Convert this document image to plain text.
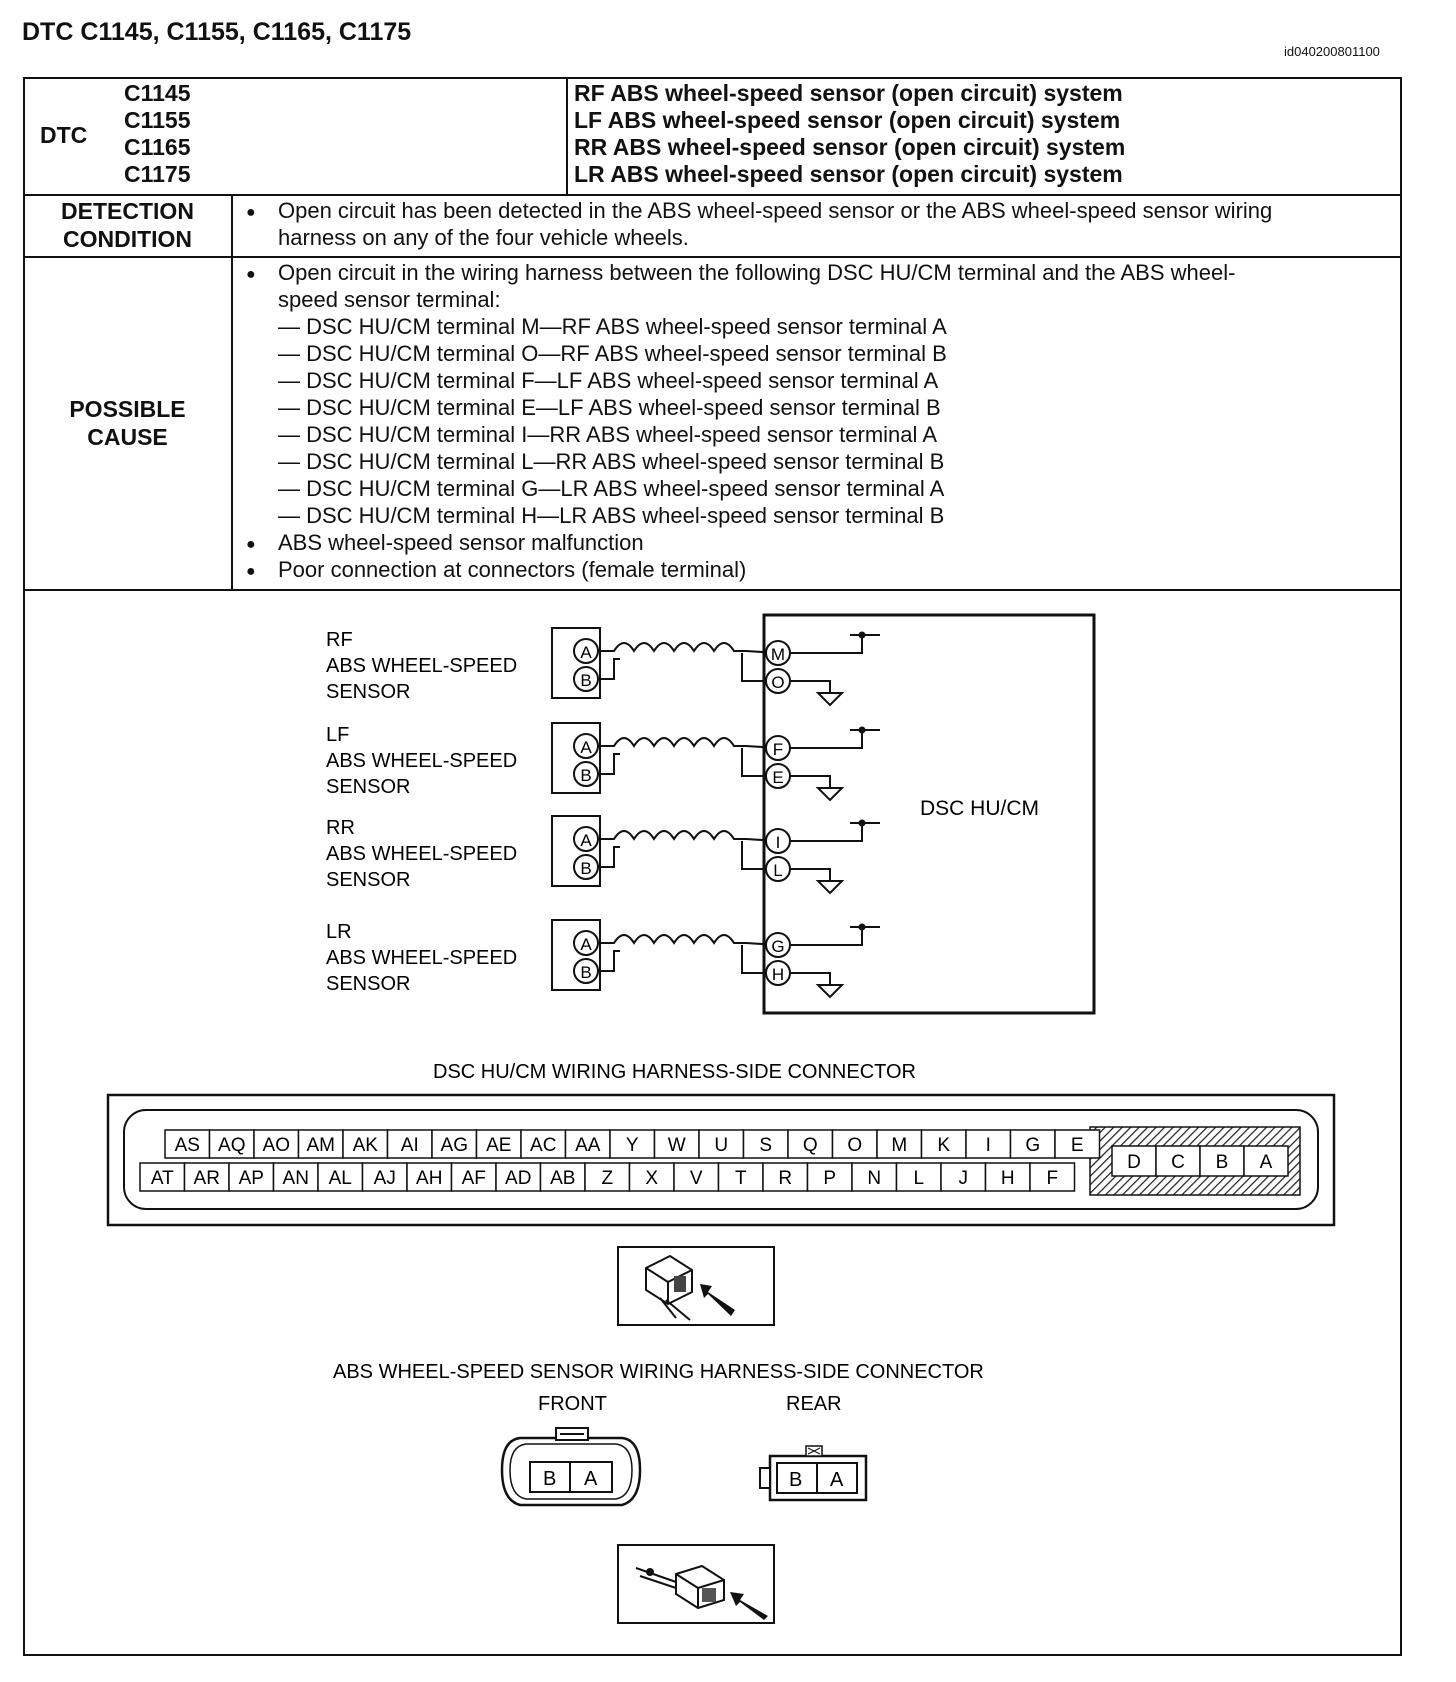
DTC C1145, C1155, C1165, C1175
id040200801100
DTC
C1145
C1155
C1165
C1175
RF ABS wheel-speed sensor (open circuit) system
LF ABS wheel-speed sensor (open circuit) system
RR ABS wheel-speed sensor (open circuit) system
LR ABS wheel-speed sensor (open circuit) system
DETECTION
CONDITION
● Open circuit has been detected in the ABS wheel-speed sensor or the ABS wheel-speed sensor wiring
harness on any of the four vehicle wheels.
POSSIBLE
CAUSE
● Open circuit in the wiring harness between the following DSC HU/CM terminal and the ABS wheel-
speed sensor terminal:
— DSC HU/CM terminal M—RF ABS wheel-speed sensor terminal A
— DSC HU/CM terminal O—RF ABS wheel-speed sensor terminal B
— DSC HU/CM terminal F—LF ABS wheel-speed sensor terminal A
— DSC HU/CM terminal E—LF ABS wheel-speed sensor terminal B
— DSC HU/CM terminal I—RR ABS wheel-speed sensor terminal A
— DSC HU/CM terminal L—RR ABS wheel-speed sensor terminal B
— DSC HU/CM terminal G—LR ABS wheel-speed sensor terminal A
— DSC HU/CM terminal H—LR ABS wheel-speed sensor terminal B
ABS wheel-speed sensor malfunction
Poor connection at connectors (female terminal)
●
●
DSC HU/CM
RF
ABS WHEEL-SPEED
SENSOR
A
B
M
O
LF
ABS WHEEL-SPEED
SENSOR
A
B
F
E
RR
ABS WHEEL-SPEED
SENSOR
A
B
I
L
LR
ABS WHEEL-SPEED
SENSOR
A
B
G
H
DSC HU/CM WIRING HARNESS-SIDE CONNECTOR
AS AQ AO AM AK AI AG AE AC AA Y W U S Q O M K I G E
AT AR AP AN AL AJ AH AF AD AB Z X V T R P N L J H F
D C B A
ABS WHEEL-SPEED SENSOR WIRING HARNESS-SIDE CONNECTOR
FRONT	REAR
B A	B A
